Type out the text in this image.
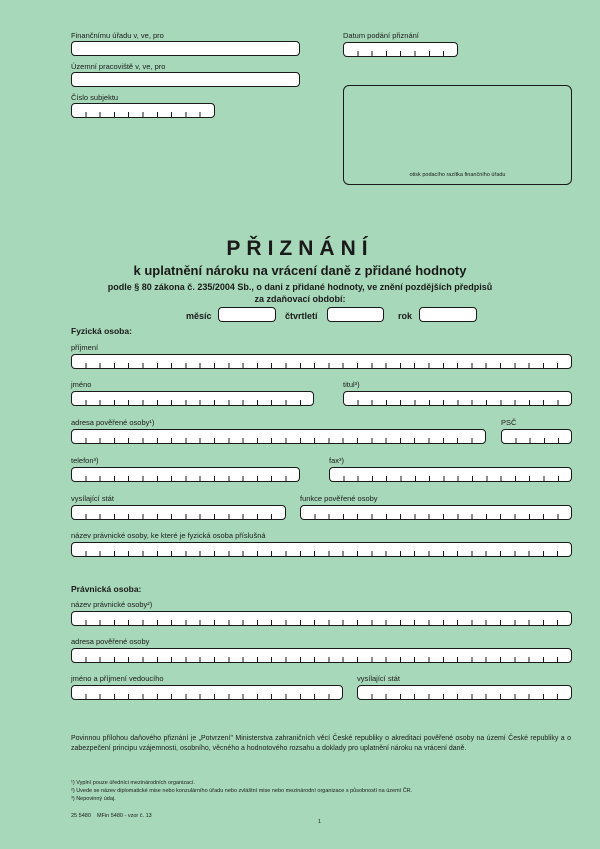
Finančnímu úřadu v, ve, pro
Územní pracoviště v, ve, pro
Číslo subjektu
Datum podání přiznání
otisk podacího razítka finančního úřadu
PŘIZNÁNÍ
k uplatnění nároku na vrácení daně z přidané hodnoty
podle § 80 zákona č. 235/2004 Sb., o dani z přidané hodnoty, ve znění pozdějších předpisů
za zdaňovací období:
měsíc	čtvrtletí	rok
Fyzická osoba:
příjmení
jméno	titul³)
adresa pověřené osoby¹)	PSČ
telefon³)	fax³)
vysílající stát	funkce pověřené osoby
název právnické osoby, ke které je fyzická osoba příslušná
Právnická osoba:
název právnické osoby²)
adresa pověřené osoby
jméno a příjmení vedoucího	vysílající stát
Povinnou přílohou daňového přiznání je „Potvrzení" Ministerstva zahraničních věcí České republiky o akreditaci pověřené osoby na území České republiky a o zabezpečení principu vzájemnosti, osobního, věcného a hodnotového rozsahu a doklady pro uplatnění nároku na vrácení daně.
¹) Vyplní pouze úředníci mezinárodních organizací.
²) Uvede se název diplomatické mise nebo konzulárního úřadu nebo zvláštní mise nebo mezinárodní organizace s působností na území ČR.
³) Nepovinný údaj.
25 5480    MFin 5480 - vzor č. 13
1
